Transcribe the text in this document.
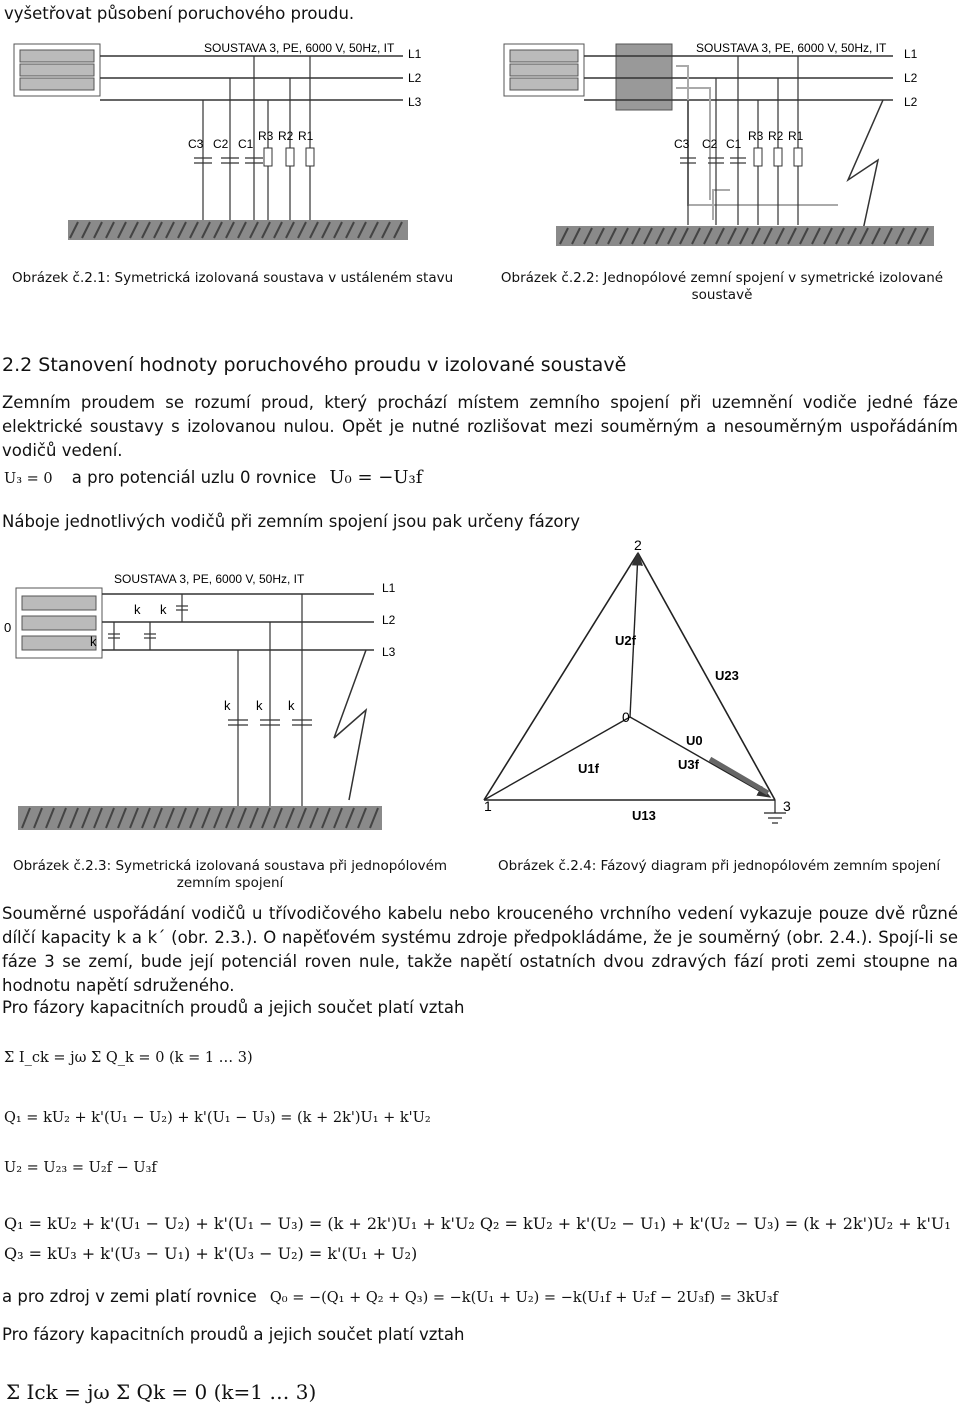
vyšetřovat působení poruchového proudu.
SOUSTAVA 3, PE, 6000 V, 50Hz, IT L1
L2
L3
C3 C2 C1
R3 R2 R1
Obrázek č.2.1: Symetrická izolovaná soustava v ustáleném stavu
SOUSTAVA 3, PE, 6000 V, 50Hz, IT L1
L2
L2
C3 C2 C1
R3 R2 R1
Obrázek č.2.2: Jednopólové zemní spojení v symetrické izolované
soustavě
2.2 Stanovení hodnoty poruchového proudu v izolované soustavě
Zemním proudem se rozumí proud, který prochází místem zemního spojení při uzemnění vodiče jedné fáze elektrické soustavy s izolovanou nulou. Opět je nutné rozlišovat mezi souměrným a nesouměrným uspořádáním vodičů vedení.
U₃ = 0 a pro potenciál uzlu 0 rovnice U₀ = −U₃f
Náboje jednotlivých vodičů při zemním spojení jsou pak určeny fázory
SOUSTAVA 3, PE, 6000 V, 50Hz, IT
0
L1
L2
L3
k k
k
k k k
Obrázek č.2.3: Symetrická izolovaná soustava při jednopólovém
zemním spojení
2
0
1	3
U2f
U23
U0
U3f
U1f
U13
Obrázek č.2.4: Fázový diagram při jednopólovém zemním spojení
Souměrné uspořádání vodičů u třívodičového kabelu nebo krouceného vrchního vedení vykazuje pouze dvě různé dílčí kapacity k a k´ (obr. 2.3.). O napěťovém systému zdroje předpokládáme, že je souměrný (obr. 2.4.). Spojí-li se fáze 3 se zemí, bude její potenciál roven nule, takže napětí ostatních dvou zdravých fází proti zemi stoupne na hodnotu napětí sdruženého.
Pro fázory kapacitních proudů a jejich součet platí vztah
Σ I_ck = jω Σ Q_k = 0 (k = 1 … 3)
Q₁ = kU₂ + k'(U₁ − U₂) + k'(U₁ − U₃) = (k + 2k')U₁ + k'U₂
U₂ = U₂₃ = U₂f − U₃f
Q₁ = kU₂ + k'(U₁ − U₂) + k'(U₁ − U₃) = (k + 2k')U₁ + k'U₂ Q₂ = kU₂ + k'(U₂ − U₁) + k'(U₂ − U₃) = (k + 2k')U₂ + k'U₁
Q₃ = kU₃ + k'(U₃ − U₁) + k'(U₃ − U₂) = k'(U₁ + U₂)
a pro zdroj v zemi platí rovnice Q₀ = −(Q₁ + Q₂ + Q₃) = −k(U₁ + U₂) = −k(U₁f + U₂f − 2U₃f) = 3kU₃f
Pro fázory kapacitních proudů a jejich součet platí vztah
Σ Ick = jω Σ Qk = 0 (k=1 … 3)
